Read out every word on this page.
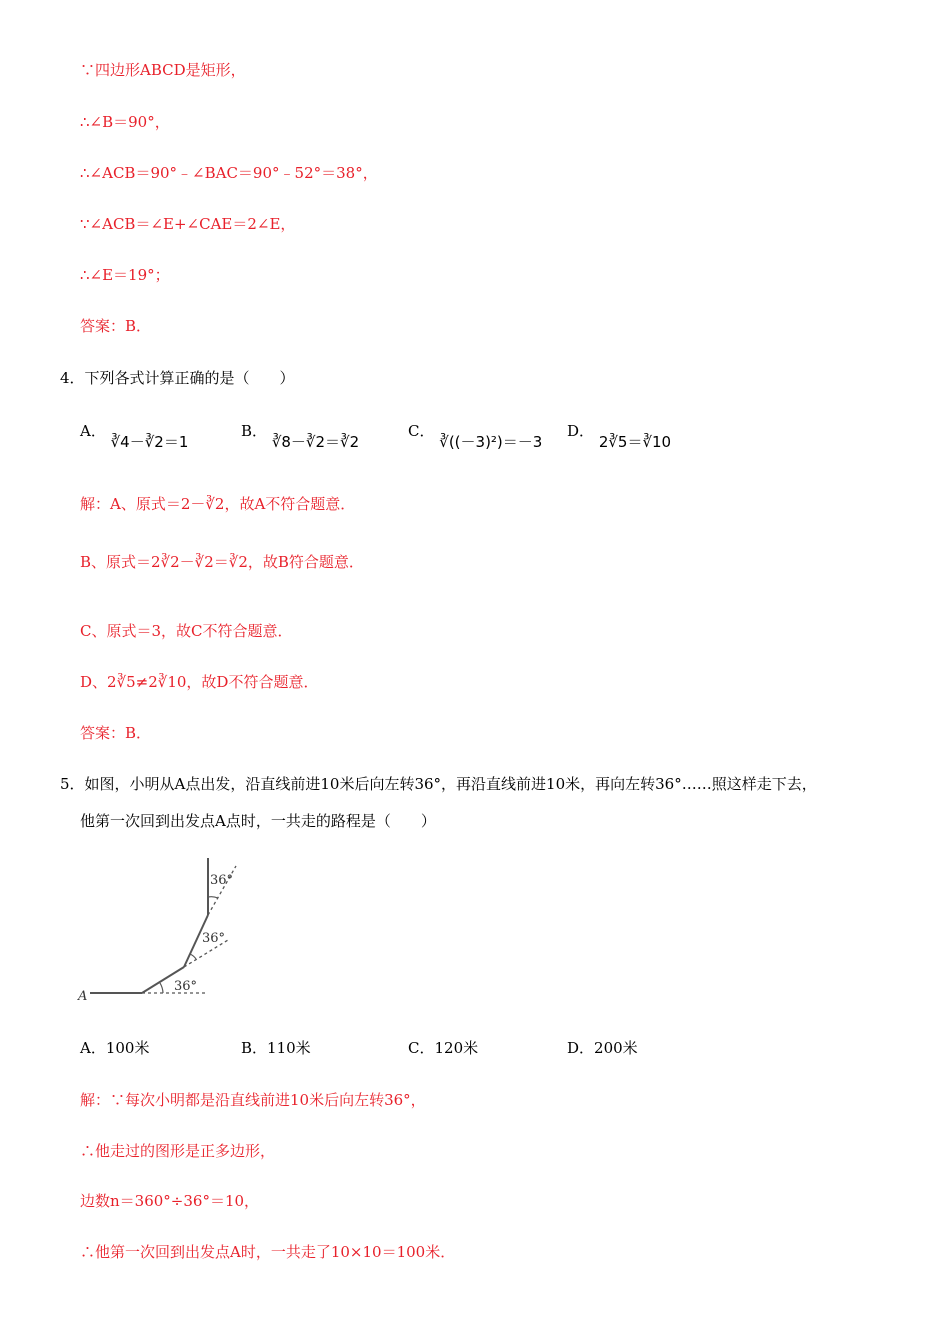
∵四边形ABCD是矩形，
∴∠B＝90°，
∴∠ACB＝90°﹣∠BAC＝90°﹣52°＝38°，
∵∠ACB＝∠E+∠CAE＝2∠E，
∴∠E＝19°；
答案：B．
4．下列各式计算正确的是（　　）
A． ∛4－∛2＝1
B． ∛8－∛2＝∛2
C． ∛((－3)²)＝－3
D． 2∛5＝∛10
解：A、原式＝2－∛2，故A不符合题意．
B、原式＝2∛2－∛2＝∛2，故B符合题意．
C、原式＝3，故C不符合题意．
D、2∛5≠2∛10，故D不符合题意．
答案：B．
5．如图，小明从A点出发，沿直线前进10米后向左转36°，再沿直线前进10米，再向左转36°……照这样走下去，
他第一次回到出发点A点时，一共走的路程是（　　）
A
36°
36°
36°
A．100米	B．110米	C．120米	D．200米
解：∵每次小明都是沿直线前进10米后向左转36°，
∴他走过的图形是正多边形，
边数n＝360°÷36°＝10，
∴他第一次回到出发点A时，一共走了10×10＝100米．
